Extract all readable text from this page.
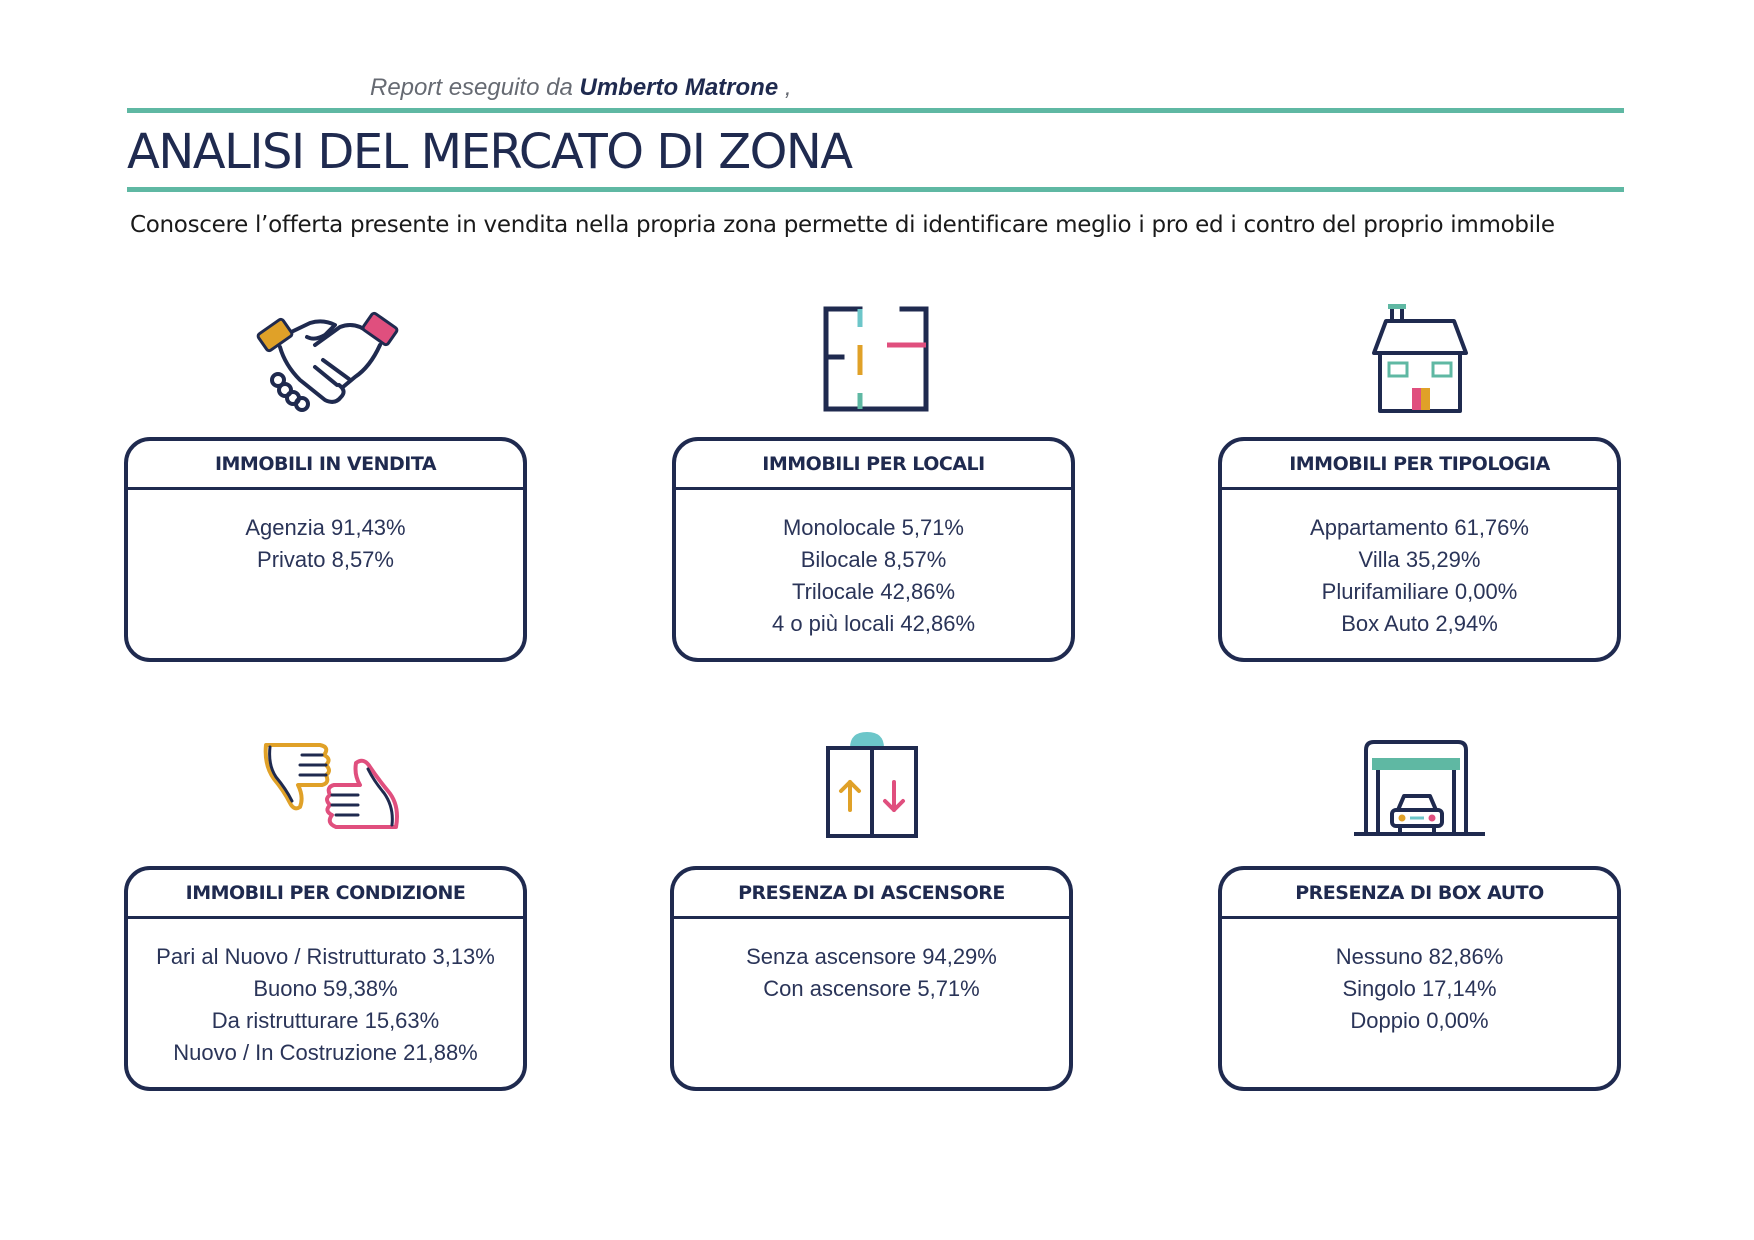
Report eseguito da Umberto Matrone ,
ANALISI DEL MERCATO DI ZONA
Conoscere l’offerta presente in vendita nella propria zona permette di identificare meglio i pro ed i contro del proprio immobile
IMMOBILI IN VENDITA
Agenzia 91,43%
Privato 8,57%
IMMOBILI PER LOCALI
Monolocale 5,71%
Bilocale 8,57%
Trilocale 42,86%
4 o più locali 42,86%
IMMOBILI PER TIPOLOGIA
Appartamento 61,76%
Villa 35,29%
Plurifamiliare 0,00%
Box Auto 2,94%
IMMOBILI PER CONDIZIONE
Pari al Nuovo / Ristrutturato 3,13%
Buono 59,38%
Da ristrutturare 15,63%
Nuovo / In Costruzione 21,88%
PRESENZA DI ASCENSORE
Senza ascensore 94,29%
Con ascensore 5,71%
PRESENZA DI BOX AUTO
Nessuno 82,86%
Singolo 17,14%
Doppio 0,00%
